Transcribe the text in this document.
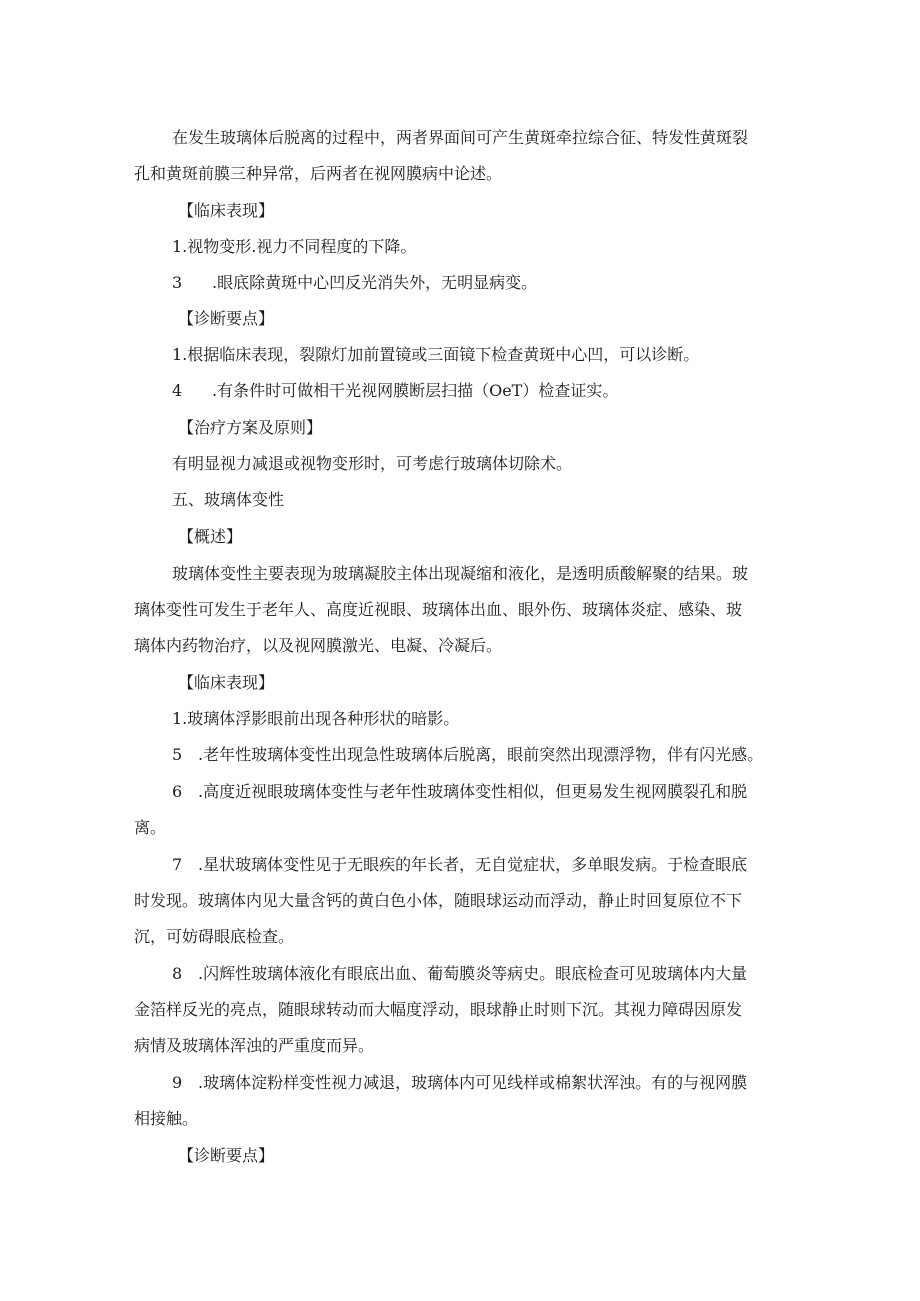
在发生玻璃体后脱离的过程中，两者界面间可产生黄斑牵拉综合征、特发性黄斑裂
孔和黄斑前膜三种异常，后两者在视网膜病中论述。
【临床表现】
1.视物变形.视力不同程度的下降。
3 .眼底除黄斑中心凹反光消失外，无明显病变。
【诊断要点】
1.根据临床表现，裂隙灯加前置镜或三面镜下检查黄斑中心凹，可以诊断。
4 .有条件时可做相干光视网膜断层扫描（OeT）检查证实。
【治疗方案及原则】
有明显视力减退或视物变形时，可考虑行玻璃体切除术。
五、玻璃体变性
【概述】
玻璃体变性主要表现为玻璃凝胶主体出现凝缩和液化，是透明质酸解聚的结果。玻
璃体变性可发生于老年人、高度近视眼、玻璃体出血、眼外伤、玻璃体炎症、感染、玻
璃体内药物治疗，以及视网膜激光、电凝、冷凝后。
【临床表现】
1.玻璃体浮影眼前出现各种形状的暗影。
5 .老年性玻璃体变性出现急性玻璃体后脱离，眼前突然出现漂浮物，伴有闪光感。
6 .高度近视眼玻璃体变性与老年性玻璃体变性相似，但更易发生视网膜裂孔和脱
离。
7 .星状玻璃体变性见于无眼疾的年长者，无自觉症状，多单眼发病。于检查眼底
时发现。玻璃体内见大量含钙的黄白色小体，随眼球运动而浮动，静止时回复原位不下
沉，可妨碍眼底检查。
8 .闪辉性玻璃体液化有眼底出血、葡萄膜炎等病史。眼底检查可见玻璃体内大量
金箔样反光的亮点，随眼球转动而大幅度浮动，眼球静止时则下沉。其视力障碍因原发
病情及玻璃体浑浊的严重度而异。
9 .玻璃体淀粉样变性视力减退，玻璃体内可见线样或棉絮状浑浊。有的与视网膜
相接触。
【诊断要点】
